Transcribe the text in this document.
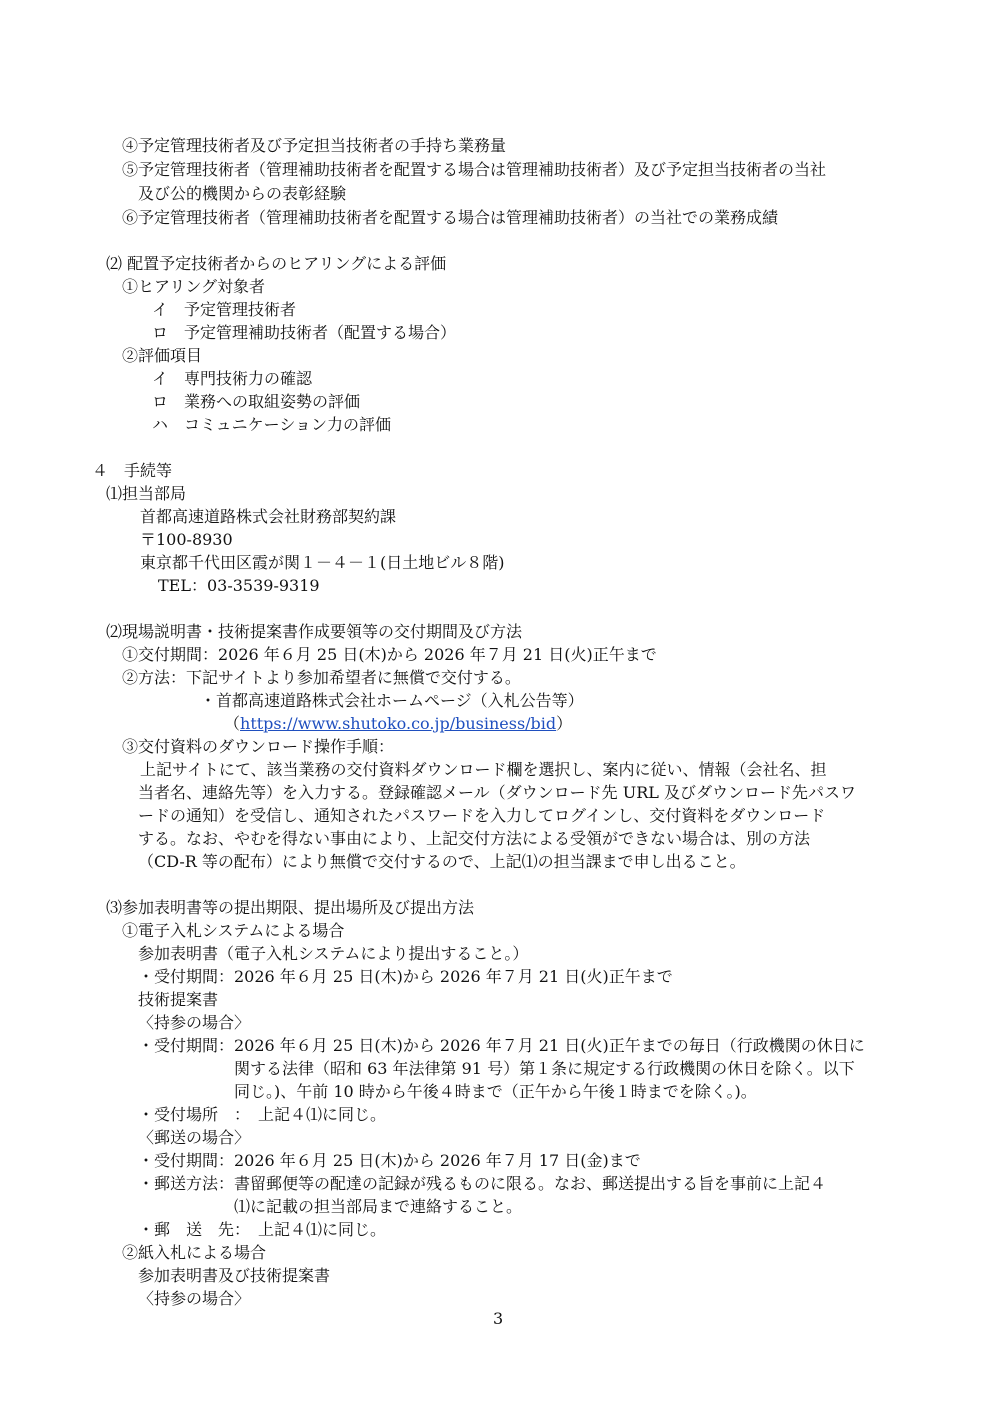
④予定管理技術者及び予定担当技術者の手持ち業務量
⑤予定管理技術者（管理補助技術者を配置する場合は管理補助技術者）及び予定担当技術者の当社
及び公的機関からの表彰経験
⑥予定管理技術者（管理補助技術者を配置する場合は管理補助技術者）の当社での業務成績
⑵ 配置予定技術者からのヒアリングによる評価
①ヒアリング対象者
イ　予定管理技術者
ロ　予定管理補助技術者（配置する場合）
②評価項目
イ　専門技術力の確認
ロ　業務への取組姿勢の評価
ハ　コミュニケーション力の評価
４　手続等
⑴担当部局
首都高速道路株式会社財務部契約課
〒100-8930
東京都千代田区霞が関１－４－１(日土地ビル８階)
TEL：03-3539-9319
⑵現場説明書・技術提案書作成要領等の交付期間及び方法
①交付期間：2026 年６月 25 日(木)から 2026 年７月 21 日(火)正午まで
②方法：下記サイトより参加希望者に無償で交付する。
・首都高速道路株式会社ホームページ（入札公告等）
（https://www.shutoko.co.jp/business/bid）
③交付資料のダウンロード操作手順：
上記サイトにて、該当業務の交付資料ダウンロード欄を選択し、案内に従い、情報（会社名、担
当者名、連絡先等）を入力する。登録確認メール（ダウンロード先 URL 及びダウンロード先パスワ
ードの通知）を受信し、通知されたパスワードを入力してログインし、交付資料をダウンロード
する。なお、やむを得ない事由により、上記交付方法による受領ができない場合は、別の方法
（CD-R 等の配布）により無償で交付するので、上記⑴の担当課まで申し出ること。
⑶参加表明書等の提出期限、提出場所及び提出方法
①電子入札システムによる場合
参加表明書（電子入札システムにより提出すること。）
・受付期間：2026 年６月 25 日(木)から 2026 年７月 21 日(火)正午まで
技術提案書
〈持参の場合〉
・受付期間：2026 年６月 25 日(木)から 2026 年７月 21 日(火)正午までの毎日（行政機関の休日に
関する法律（昭和 63 年法律第 91 号）第１条に規定する行政機関の休日を除く。以下
同じ。)、午前 10 時から午後４時まで（正午から午後１時までを除く。)。
・受付場所　：　上記４⑴に同じ。
〈郵送の場合〉
・受付期間：2026 年６月 25 日(木)から 2026 年７月 17 日(金)まで
・郵送方法：書留郵便等の配達の記録が残るものに限る。なお、郵送提出する旨を事前に上記４
⑴に記載の担当部局まで連絡すること。
・郵　送　先：　上記４⑴に同じ。
②紙入札による場合
参加表明書及び技術提案書
〈持参の場合〉
3
